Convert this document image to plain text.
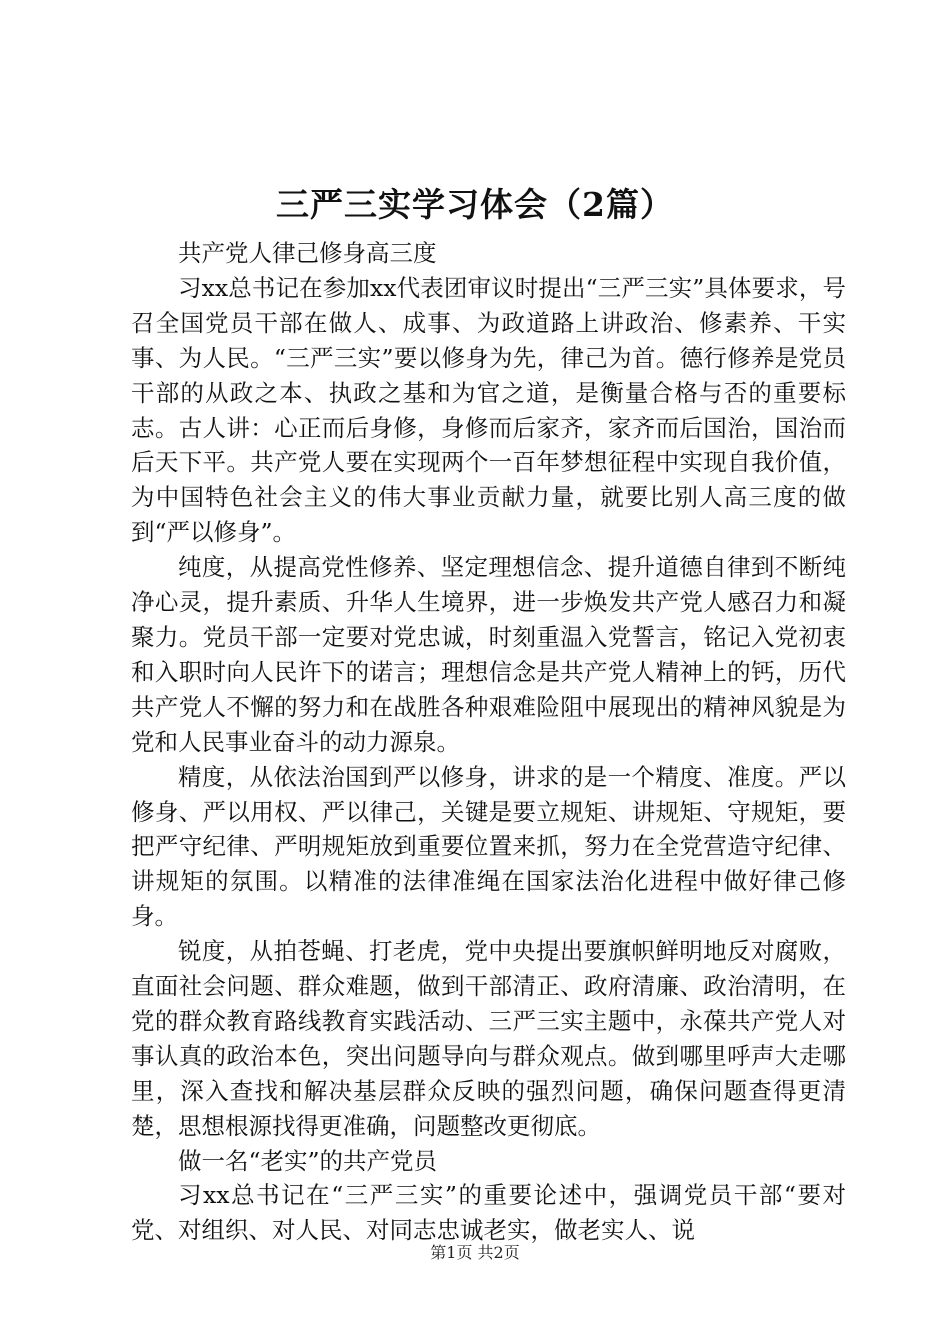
三严三实学习体会（2篇）

共产党人律己修身高三度

习xx总书记在参加xx代表团审议时提出“三严三实”具体要求，号召全国党员干部在做人、成事、为政道路上讲政治、修素养、干实事、为人民。“三严三实”要以修身为先，律己为首。德行修养是党员干部的从政之本、执政之基和为官之道，是衡量合格与否的重要标志。古人讲：心正而后身修，身修而后家齐，家齐而后国治，国治而后天下平。共产党人要在实现两个一百年梦想征程中实现自我价值，为中国特色社会主义的伟大事业贡献力量，就要比别人高三度的做到“严以修身”。

纯度，从提高党性修养、坚定理想信念、提升道德自律到不断纯净心灵，提升素质、升华人生境界，进一步焕发共产党人感召力和凝聚力。党员干部一定要对党忠诚，时刻重温入党誓言，铭记入党初衷和入职时向人民许下的诺言；理想信念是共产党人精神上的钙，历代共产党人不懈的努力和在战胜各种艰难险阻中展现出的精神风貌是为党和人民事业奋斗的动力源泉。

精度，从依法治国到严以修身，讲求的是一个精度、准度。严以修身、严以用权、严以律己，关键是要立规矩、讲规矩、守规矩，要把严守纪律、严明规矩放到重要位置来抓，努力在全党营造守纪律、讲规矩的氛围。以精准的法律准绳在国家法治化进程中做好律己修身。

锐度，从拍苍蝇、打老虎，党中央提出要旗帜鲜明地反对腐败，直面社会问题、群众难题，做到干部清正、政府清廉、政治清明，在党的群众教育路线教育实践活动、三严三实主题中，永葆共产党人对事认真的政治本色，突出问题导向与群众观点。做到哪里呼声大走哪里，深入查找和解决基层群众反映的强烈问题，确保问题查得更清楚，思想根源找得更准确，问题整改更彻底。

做一名“老实”的共产党员

习xx总书记在“三严三实”的重要论述中，强调党员干部“要对党、对组织、对人民、对同志忠诚老实，做老实人、说

第1页 共2页
